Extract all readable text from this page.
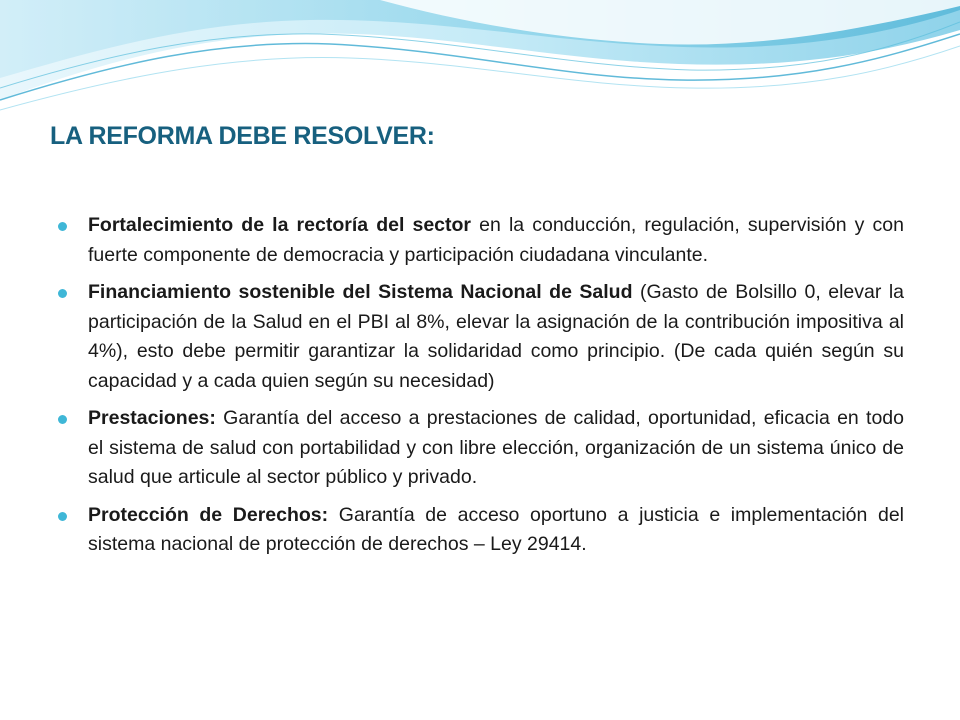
LA REFORMA DEBE RESOLVER:
Fortalecimiento de la rectoría del sector en la conducción, regulación, supervisión y con fuerte componente de democracia y participación ciudadana vinculante.
Financiamiento sostenible del Sistema Nacional de Salud (Gasto de Bolsillo 0, elevar la participación de la Salud en el PBI al 8%, elevar la asignación de la contribución impositiva al 4%), esto debe permitir garantizar la solidaridad como principio. (De cada quién según su capacidad y a cada quien según su necesidad)
Prestaciones: Garantía del acceso a prestaciones de calidad, oportunidad, eficacia en todo el sistema de salud con portabilidad y con libre elección, organización de un sistema único de salud que articule al sector público y privado.
Protección de Derechos: Garantía de acceso oportuno a justicia e implementación del sistema nacional de protección de derechos – Ley 29414.
